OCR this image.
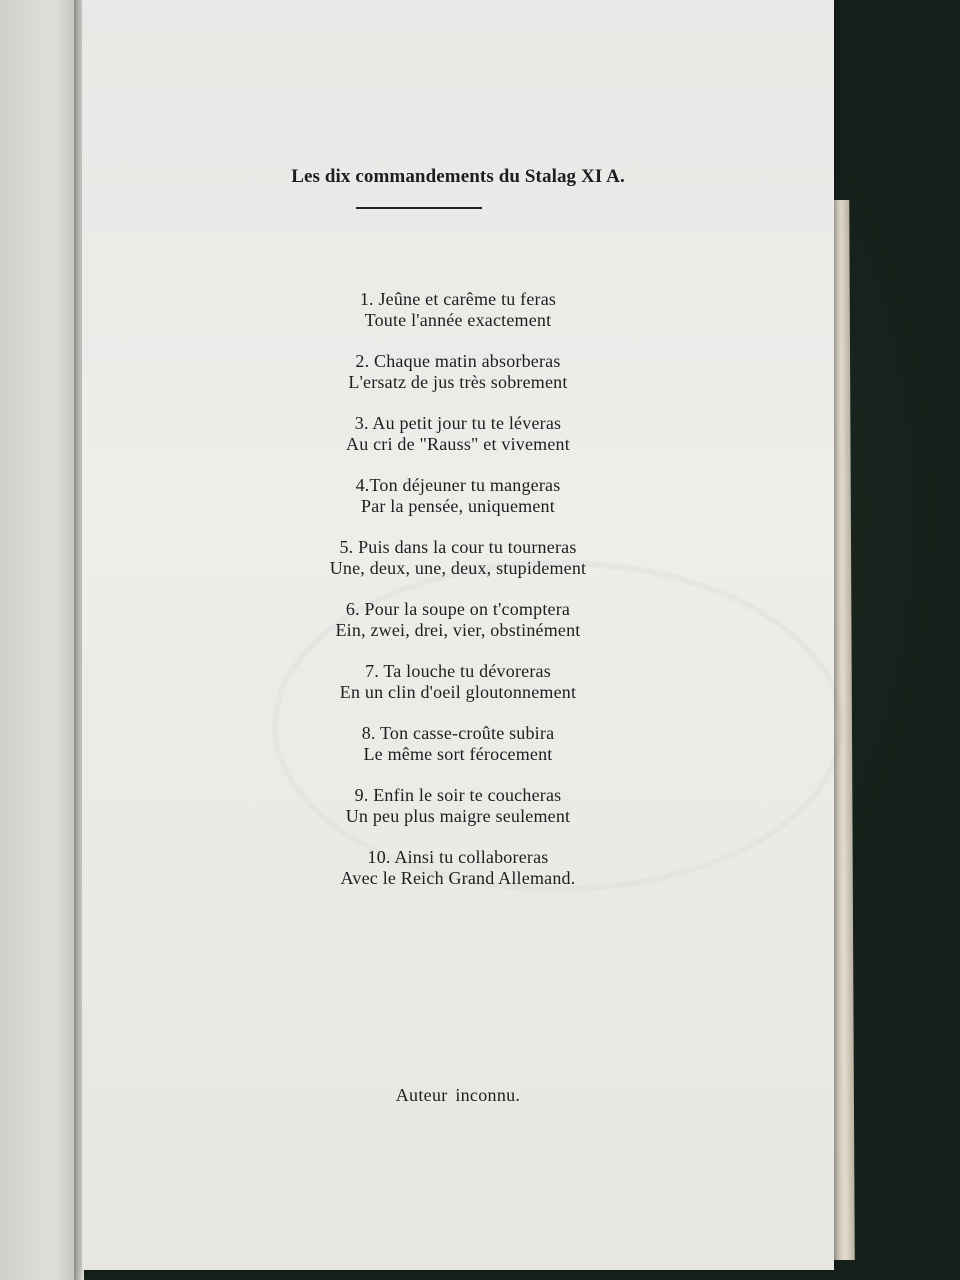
Les dix commandements du Stalag XI A.
1. Jeûne et carême tu feras
Toute l'année exactement
2. Chaque matin absorberas
L'ersatz de jus très sobrement
3. Au petit jour tu te léveras
Au cri de "Rauss" et vivement
4.Ton déjeuner tu mangeras
Par la pensée, uniquement
5. Puis dans la cour tu tourneras
Une, deux, une, deux, stupidement
6. Pour la soupe on t'comptera
Ein, zwei, drei, vier, obstinément
7. Ta louche tu dévoreras
En un clin d'oeil gloutonnement
8. Ton casse-croûte subira
Le même sort férocement
9. Enfin le soir te coucheras
Un peu plus maigre seulement
10. Ainsi tu collaboreras
Avec le Reich Grand Allemand.
Auteur inconnu.
